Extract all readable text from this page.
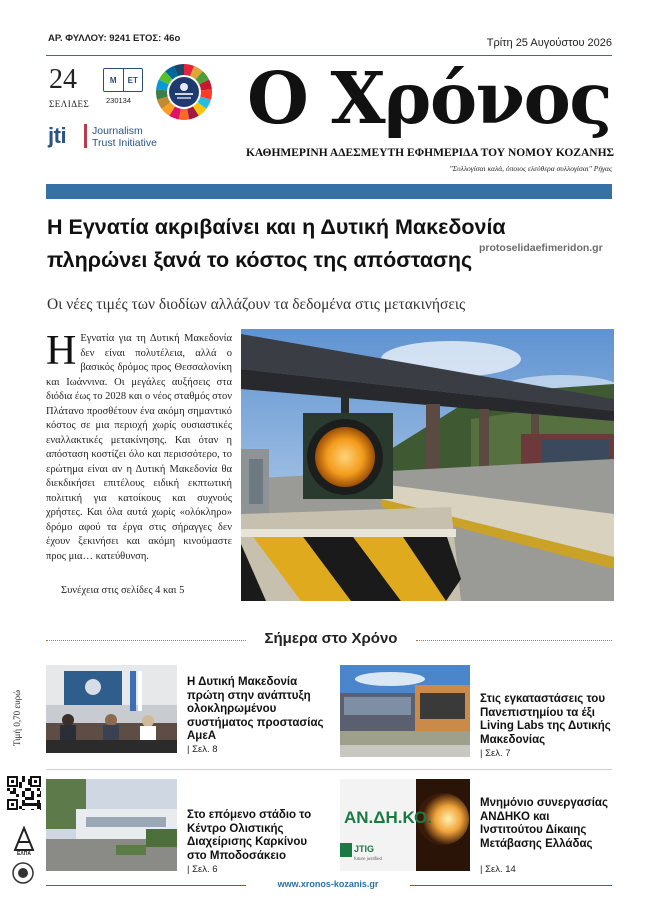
ΑΡ. ΦΥΛΛΟΥ: 9241 ΕΤΟΣ: 46ο	Τρίτη 25 Αυγούστου 2026
24
ΣΕΛΙΔΕΣ
Μ	ΕΤ
230134
jti Journalism
Trust Initiative
Ο Χρόνος
ΚΑΘΗΜΕΡΙΝΗ ΑΔΕΣΜΕΥΤΗ ΕΦΗΜΕΡΙΔΑ ΤΟΥ ΝΟΜΟΥ ΚΟΖΑΝΗΣ
"Συλλογίσαι καλά, όποιος ελεύθερα συλλογίσαι" Ρήγας
Η Εγνατία ακριβαίνει και η Δυτική Μακεδονία
πληρώνει ξανά το κόστος της απόστασης protoselidaefimeridon.gr
Οι νέες τιμές των διοδίων αλλάζουν τα δεδομένα στις μετακινήσεις
Η Εγνατία για τη Δυτική Μακεδονία δεν είναι πολυτέλεια, αλλά ο βασικός δρόμος προς Θεσσαλονίκη και Ιωάννινα. Οι μεγάλες αυξήσεις στα διόδια έως το 2028 και ο νέος σταθμός στον Πλάτανο προσθέτουν ένα ακόμη σημαντικό κόστος σε μια περιοχή χωρίς ουσιαστικές εναλλακτικές μετακίνησης. Και όταν η απόσταση κοστίζει όλο και περισσότερο, το ερώτημα είναι αν η Δυτική Μακεδονία θα διεκδικήσει επιτέλους ειδική εκπτωτική πολιτική για κατοίκους και συχνούς χρήστες. Και όλα αυτά χωρίς «ολόκληρο» δρόμο αφού τα έργα στις σήραγγες δεν έχουν ξεκινήσει και ακόμη κινούμαστε προς μια… κατεύθυνση.
Συνέχεια στις σελίδες 4 και 5
Σήμερα στο Χρόνο
Η Δυτική Μακεδονία πρώτη στην ανάπτυξη ολοκληρωμένου συστήματος προστασίας ΑμεΑ
| Σελ. 8
Στις εγκαταστάσεις του Πανεπιστημίου τα έξι Living Labs της Δυτικής Μακεδονίας
| Σελ. 7
Στο επόμενο στάδιο το Κέντρο Ολιστικής Διαχείρισης Καρκίνου στο Μποδοσάκειο
| Σελ. 6
ΑΝ.ΔΗ.ΚΟ.
JTIG
future justified
Μνημόνιο συνεργασίας ΑΝΔΗΚΟ και Ινστιτούτου Δίκαιης Μετάβασης Ελλάδας
| Σελ. 14
Τιμή 0,70 ευρώ
ΕΛΠΑ
www.xronos-kozanis.gr
